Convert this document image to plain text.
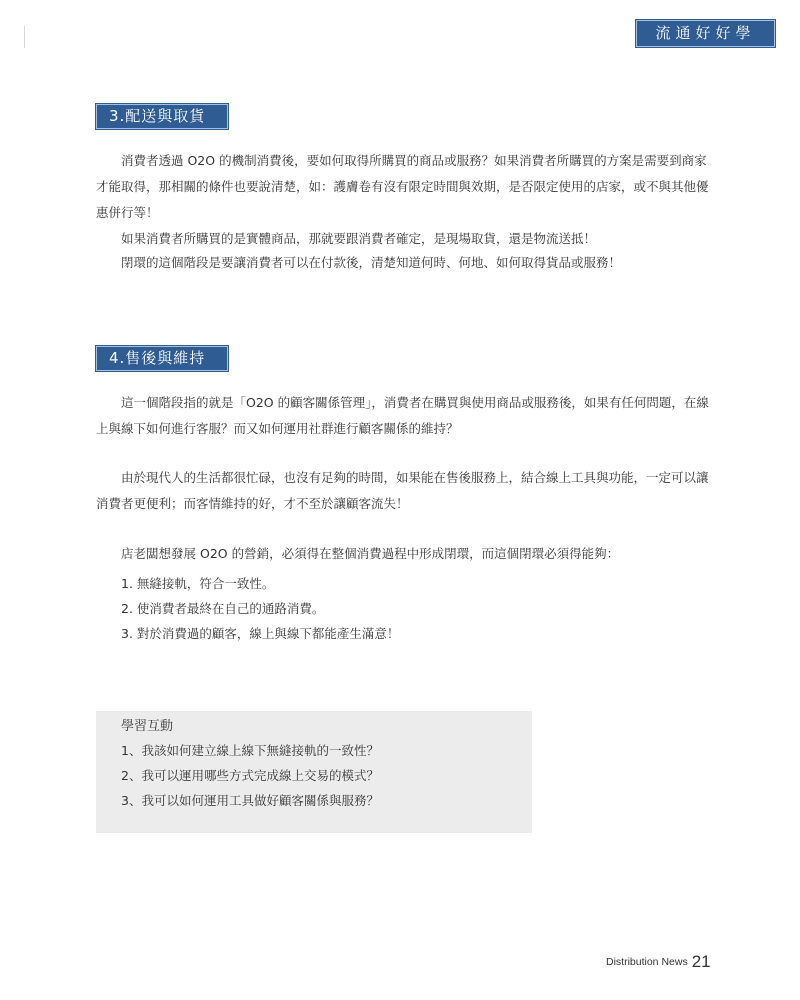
流通好好學
3.配送與取貨

消費者透過 O2O 的機制消費後，要如何取得所購買的商品或服務？如果消費者所購買的方案是需要到商家才能取得，那相關的條件也要說清楚，如：護膚卷有沒有限定時間與效期，是否限定使用的店家，或不與其他優惠併行等！

如果消費者所購買的是實體商品，那就要跟消費者確定，是現場取貨，還是物流送抵！

閉環的這個階段是要讓消費者可以在付款後，清楚知道何時、何地、如何取得貨品或服務！

4.售後與維持

這一個階段指的就是「O2O 的顧客關係管理」，消費者在購買與使用商品或服務後，如果有任何問題，在線上與線下如何進行客服？而又如何運用社群進行顧客關係的維持？

由於現代人的生活都很忙碌，也沒有足夠的時間，如果能在售後服務上，結合線上工具與功能，一定可以讓消費者更便利；而客情維持的好，才不至於讓顧客流失！

店老闆想發展 O2O 的營銷，必須得在整個消費過程中形成閉環，而這個閉環必須得能夠：

1. 無縫接軌，符合一致性。
2. 使消費者最終在自己的通路消費。
3. 對於消費過的顧客，線上與線下都能產生滿意！
學習互動
1、我該如何建立線上線下無縫接軌的一致性？
2、我可以運用哪些方式完成線上交易的模式？
3、我可以如何運用工具做好顧客關係與服務？
Distribution News 21
